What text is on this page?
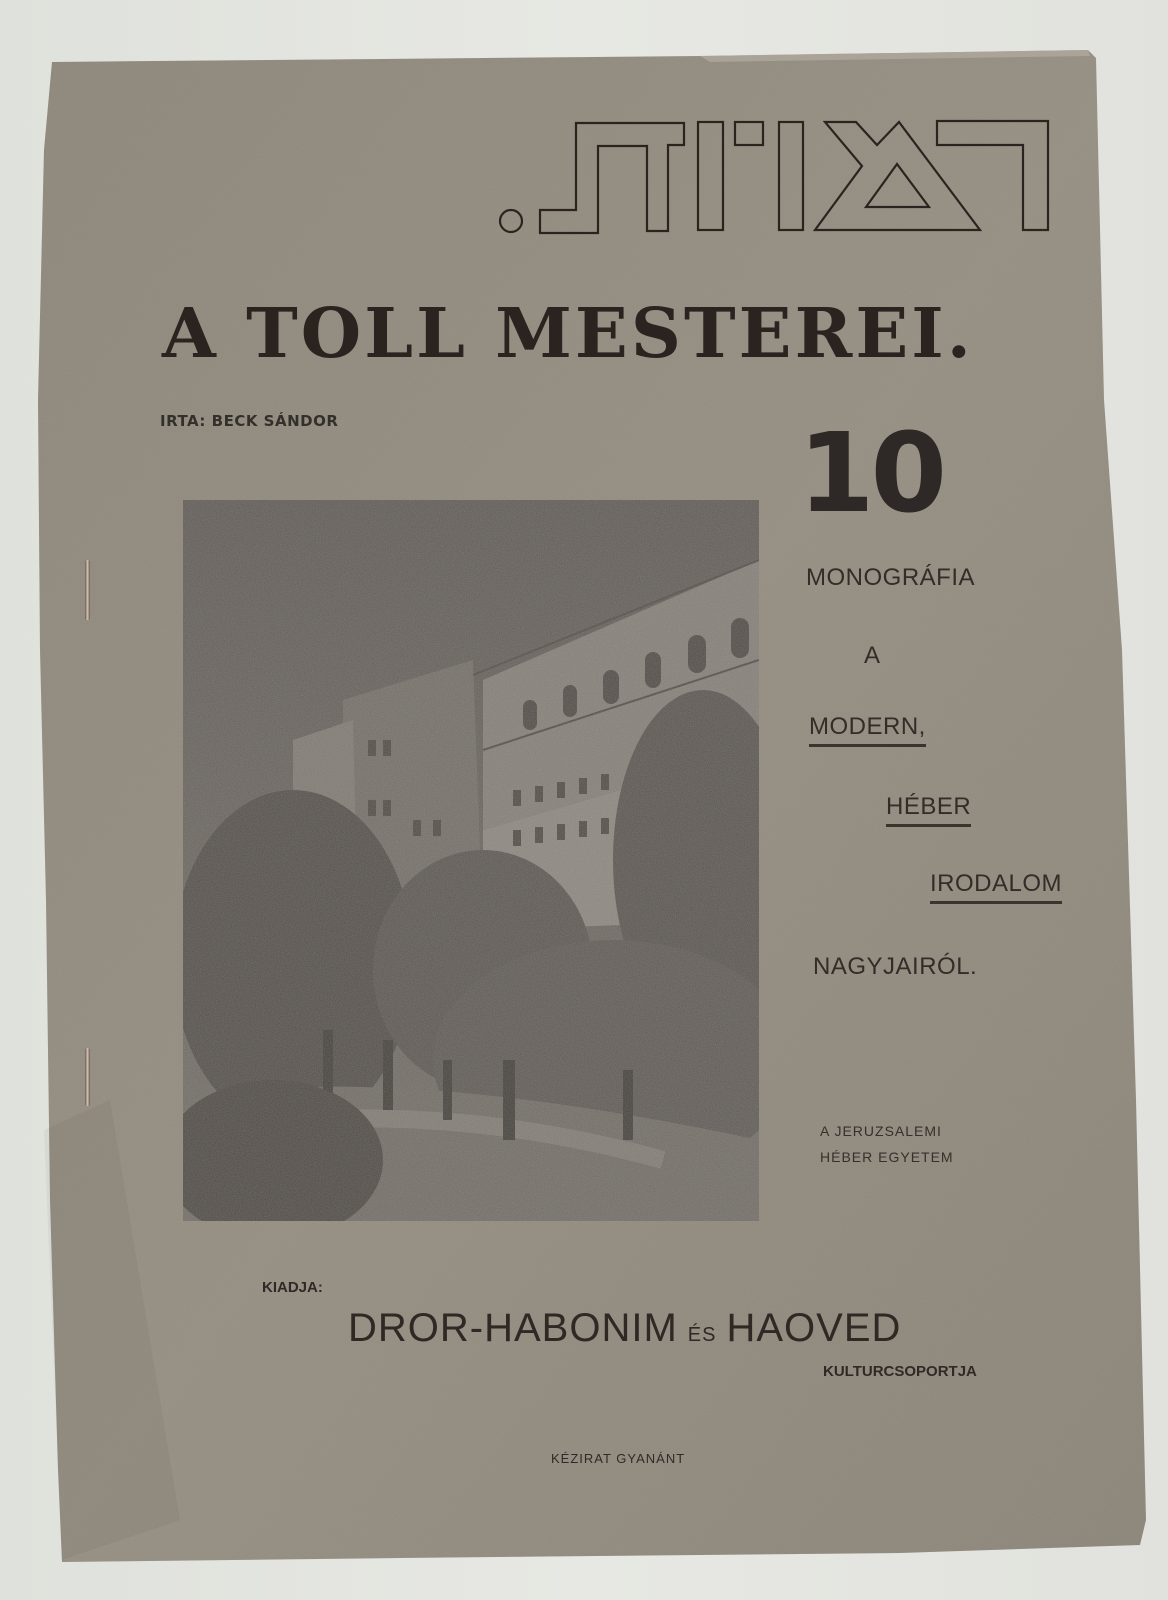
A TOLL MESTEREI.
IRTA: BECK SÁNDOR	10
MONOGRÁFIA
A
MODERN,
HÉBER
IRODALOM
NAGYJAIRÓL.
A JERUZSALEMI
HÉBER EGYETEM
KIADJA:
DROR-HABONIM ÉS HAOVED
KULTURCSOPORTJA
KÉZIRAT GYANÁNT
